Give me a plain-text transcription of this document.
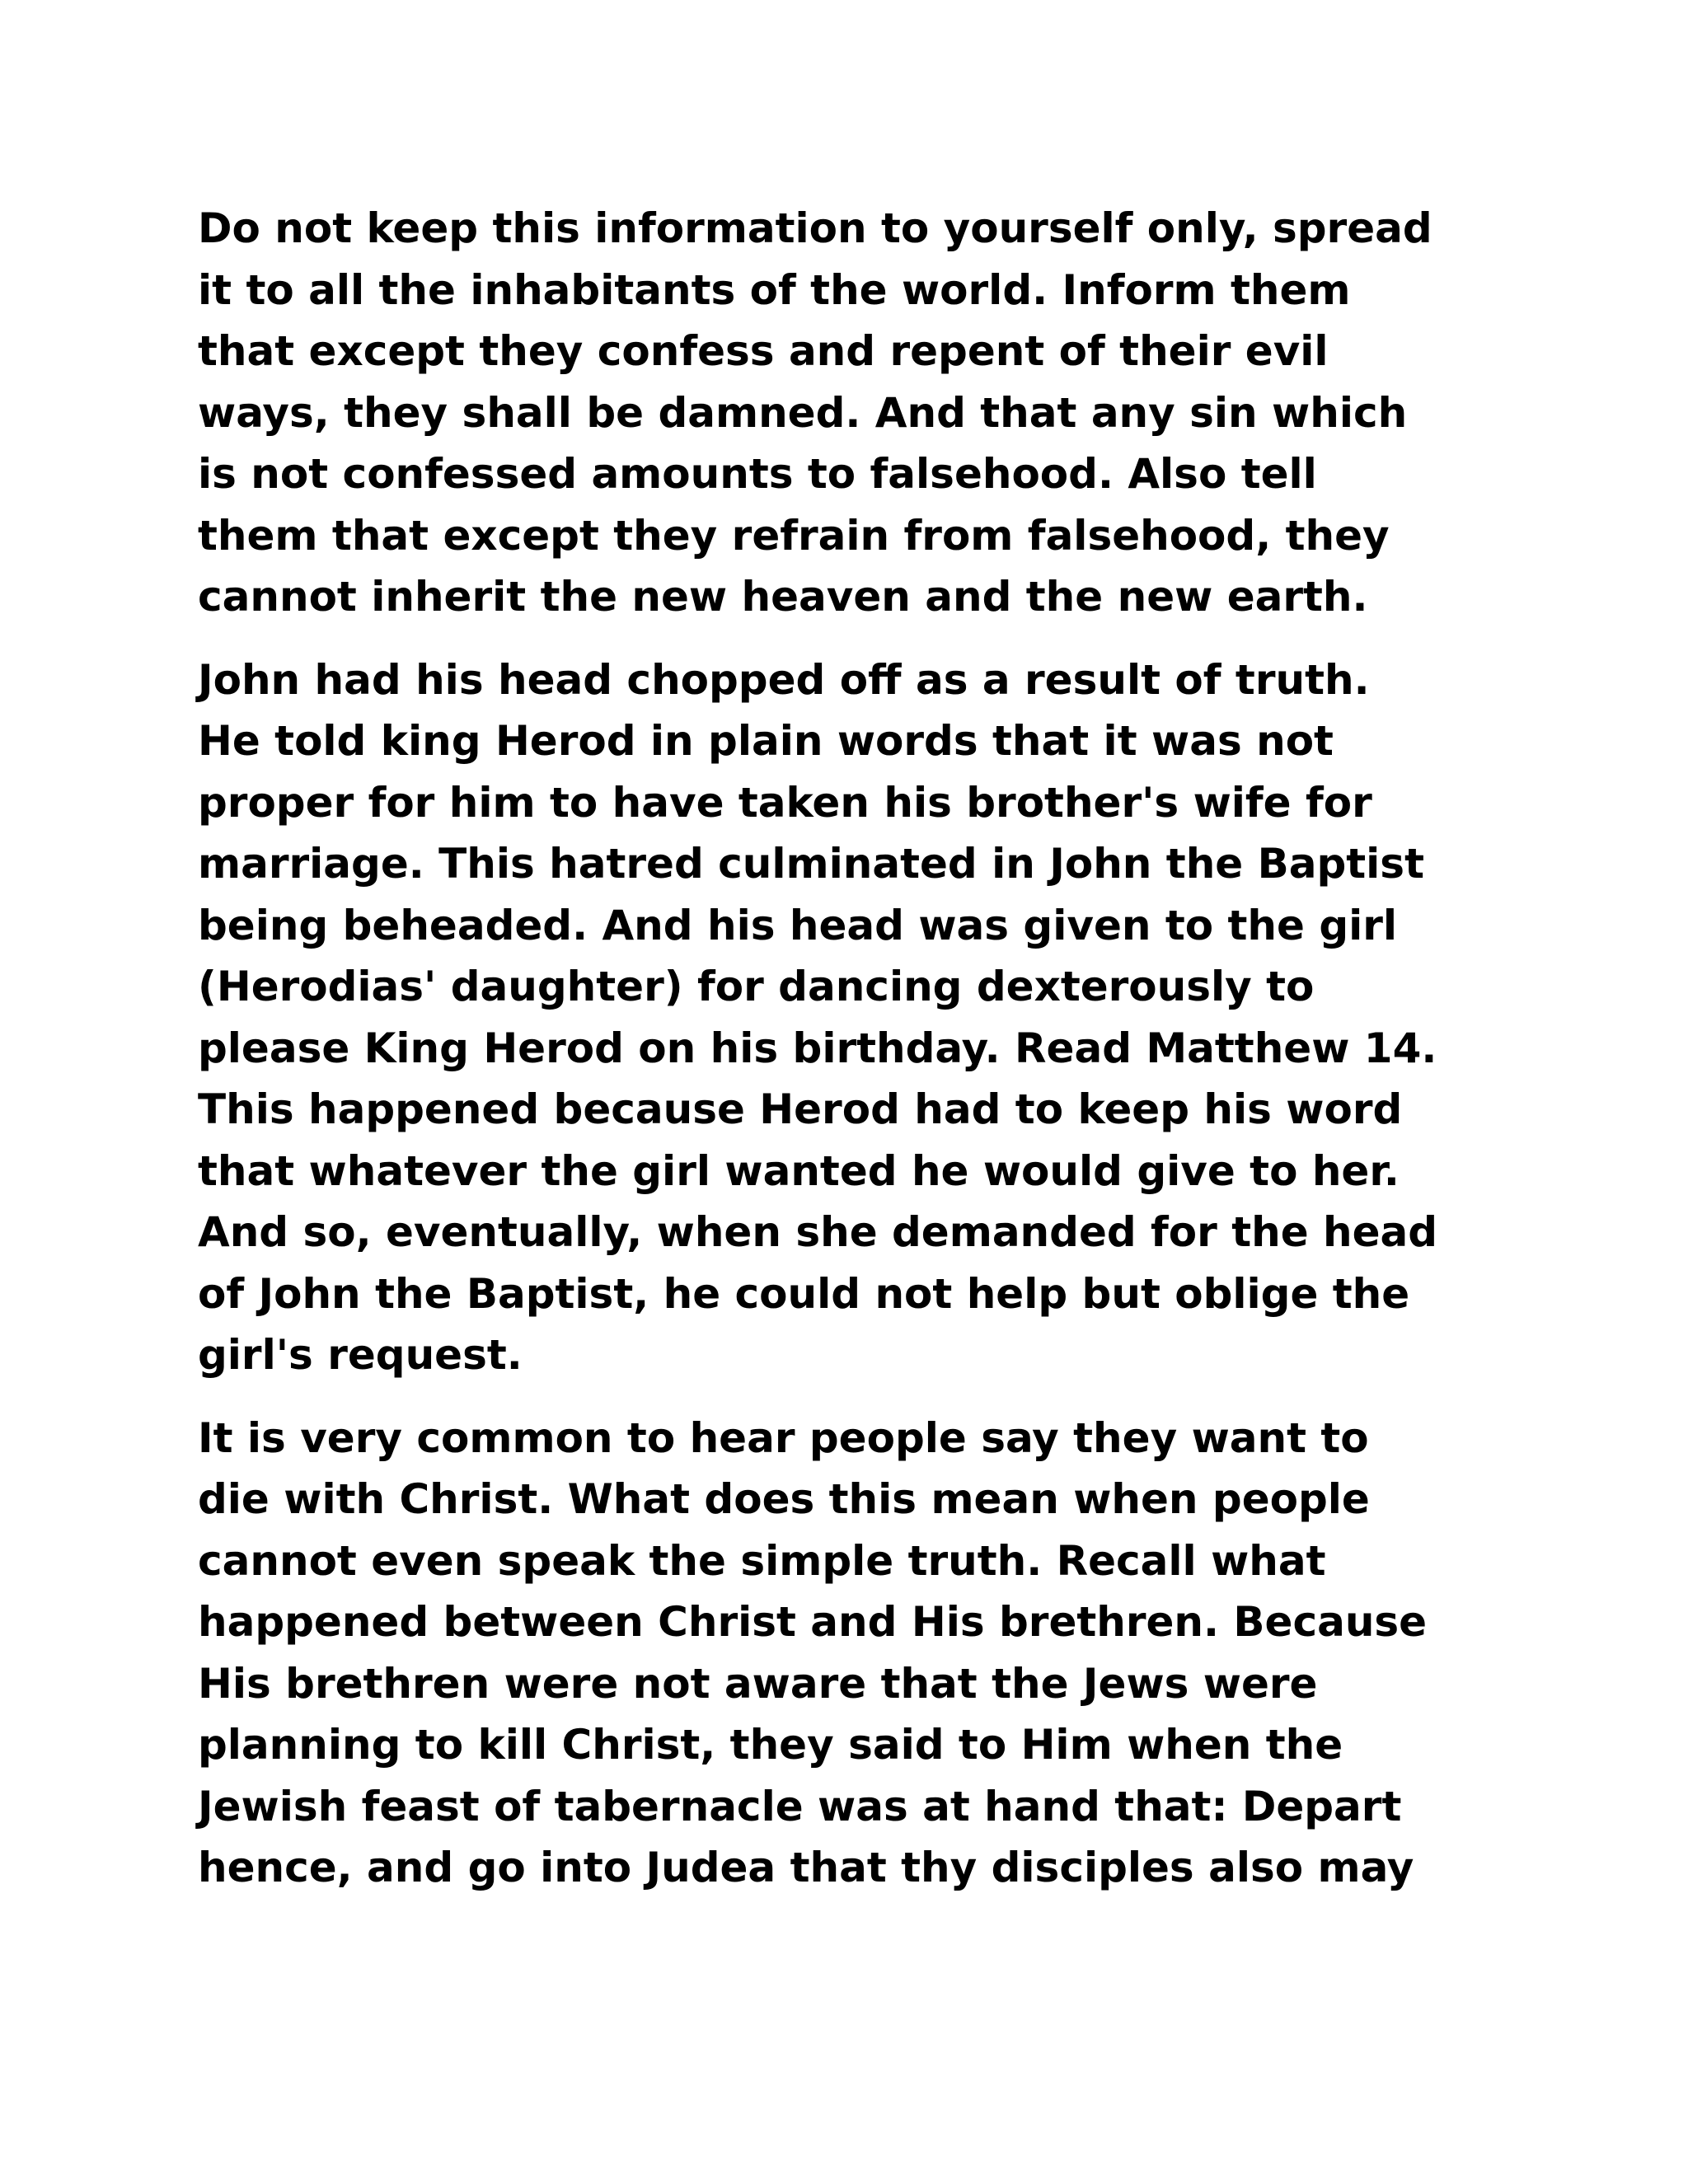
Do not keep this information to yourself only, spread
it to all the inhabitants of the world. Inform them
that except they confess and repent of their evil
ways, they shall be damned. And that any sin which
is not confessed amounts to falsehood. Also tell
them that except they refrain from falsehood, they
cannot inherit the new heaven and the new earth.

John had his head chopped off as a result of truth.
He told king Herod in plain words that it was not
proper for him to have taken his brother's wife for
marriage. This hatred culminated in John the Baptist
being beheaded. And his head was given to the girl
(Herodias' daughter) for dancing dexterously to
please King Herod on his birthday. Read Matthew 14.
This happened because Herod had to keep his word
that whatever the girl wanted he would give to her.
And so, eventually, when she demanded for the head
of John the Baptist, he could not help but oblige the
girl's request.

It is very common to hear people say they want to
die with Christ. What does this mean when people
cannot even speak the simple truth. Recall what
happened between Christ and His brethren. Because
His brethren were not aware that the Jews were
planning to kill Christ, they said to Him when the
Jewish feast of tabernacle was at hand that: Depart
hence, and go into Judea that thy disciples also may
